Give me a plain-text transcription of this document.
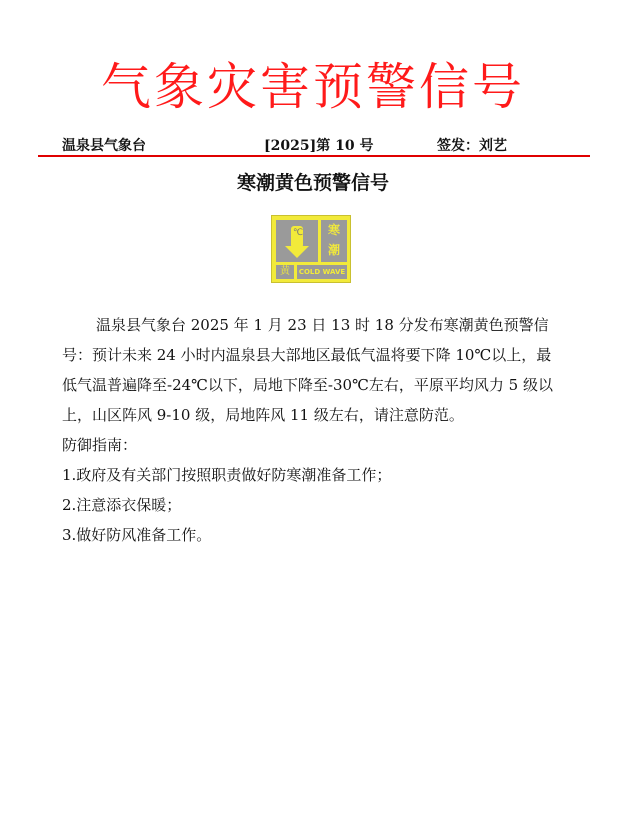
气象灾害预警信号
温泉县气象台	[2025]第 10 号	签发：刘艺
寒潮黄色预警信号
℃	寒
潮
黄	COLD WAVE

温泉县气象台 2025 年 1 月 23 日 13 时 18 分发布寒潮黄色预警信号：预计未来 24 小时内温泉县大部地区最低气温将要下降 10℃以上，最低气温普遍降至-24℃以下，局地下降至-30℃左右，平原平均风力 5 级以上，山区阵风 9-10 级，局地阵风 11 级左右，请注意防范。

防御指南：

1.政府及有关部门按照职责做好防寒潮准备工作；

2.注意添衣保暖；

3.做好防风准备工作。
